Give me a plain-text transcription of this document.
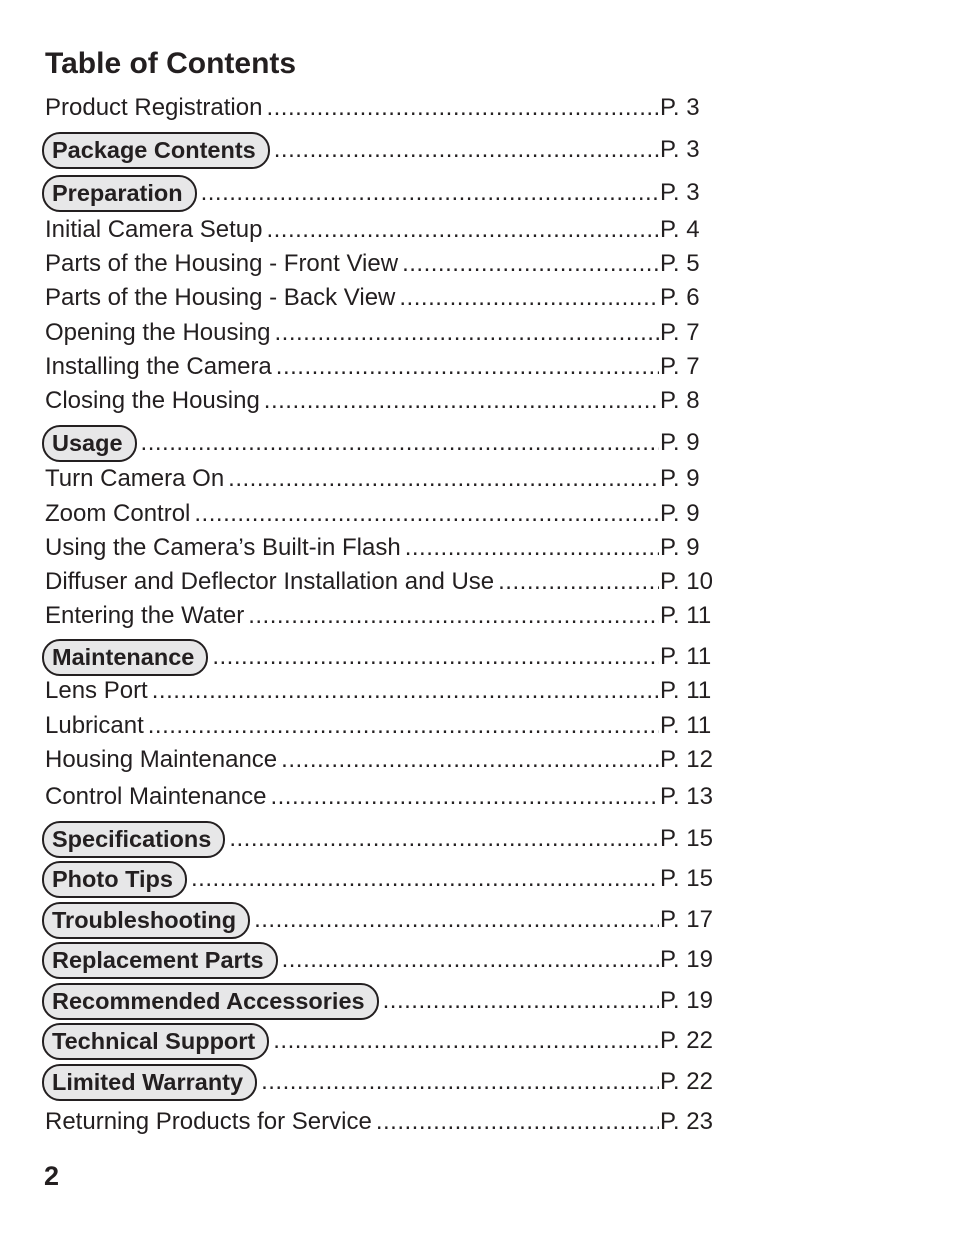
Table of Contents
Product Registration .....	P. 3
Package Contents .....	P. 3
Preparation .....	P. 3
Initial Camera Setup .....	P. 4
Parts of the Housing - Front View .....	P. 5
Parts of the Housing - Back View .....	P. 6
Opening the Housing .....	P. 7
Installing the Camera .....	P. 7
Closing the Housing .....	P. 8
Usage .....	P. 9
Turn Camera On .....	P. 9
Zoom Control .....	P. 9
Using the Camera’s Built-in Flash .....	P. 9
Diffuser and Deflector Installation and Use .....	P. 10
Entering the Water .....	P. 11
Maintenance .....	P. 11
Lens Port .....	P. 11
Lubricant .....	P. 11
Housing Maintenance .....	P. 12
Control Maintenance .....	P. 13
Specifications .....	P. 15
Photo Tips .....	P. 15
Troubleshooting .....	P. 17
Replacement Parts .....	P. 19
Recommended Accessories .....	P. 19
Technical Support .....	P. 22
Limited Warranty .....	P. 22
Returning Products for Service .....	P. 23
2
